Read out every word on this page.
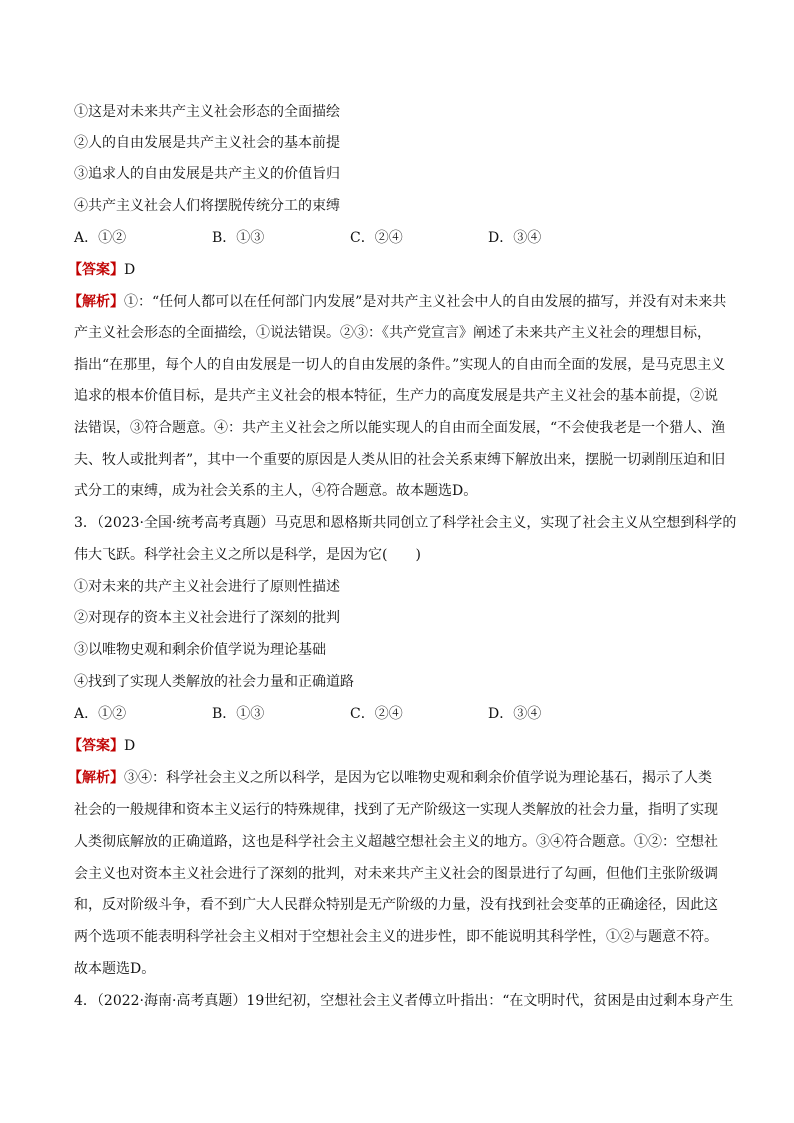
①这是对未来共产主义社会形态的全面描绘
②人的自由发展是共产主义社会的基本前提
③追求人的自由发展是共产主义的价值旨归
④共产主义社会人们将摆脱传统分工的束缚
A．①②	B．①③	C．②④	D．③④
【答案】D
【解析】①：“任何人都可以在任何部门内发展”是对共产主义社会中人的自由发展的描写，并没有对未来共
产主义社会形态的全面描绘，①说法错误。②③：《共产党宣言》阐述了未来共产主义社会的理想目标，
指出“在那里，每个人的自由发展是一切人的自由发展的条件。”实现人的自由而全面的发展，是马克思主义
追求的根本价值目标，是共产主义社会的根本特征，生产力的高度发展是共产主义社会的基本前提，②说
法错误，③符合题意。④：共产主义社会之所以能实现人的自由而全面发展，“不会使我老是一个猎人、渔
夫、牧人或批判者”，其中一个重要的原因是人类从旧的社会关系束缚下解放出来，摆脱一切剥削压迫和旧
式分工的束缚，成为社会关系的主人，④符合题意。故本题选D。
3．（2023·全国·统考高考真题）马克思和恩格斯共同创立了科学社会主义，实现了社会主义从空想到科学的
伟大飞跃。科学社会主义之所以是科学，是因为它(　　)
①对未来的共产主义社会进行了原则性描述
②对现存的资本主义社会进行了深刻的批判
③以唯物史观和剩余价值学说为理论基础
④找到了实现人类解放的社会力量和正确道路
A．①②	B．①③	C．②④	D．③④
【答案】D
【解析】③④：科学社会主义之所以科学，是因为它以唯物史观和剩余价值学说为理论基石，揭示了人类
社会的一般规律和资本主义运行的特殊规律，找到了无产阶级这一实现人类解放的社会力量，指明了实现
人类彻底解放的正确道路，这也是科学社会主义超越空想社会主义的地方。③④符合题意。①②：空想社
会主义也对资本主义社会进行了深刻的批判，对未来共产主义社会的图景进行了勾画，但他们主张阶级调
和，反对阶级斗争，看不到广大人民群众特别是无产阶级的力量，没有找到社会变革的正确途径，因此这
两个选项不能表明科学社会主义相对于空想社会主义的进步性，即不能说明其科学性，①②与题意不符。
故本题选D。
4．（2022·海南·高考真题）19世纪初，空想社会主义者傅立叶指出：“在文明时代，贫困是由过剩本身产生
